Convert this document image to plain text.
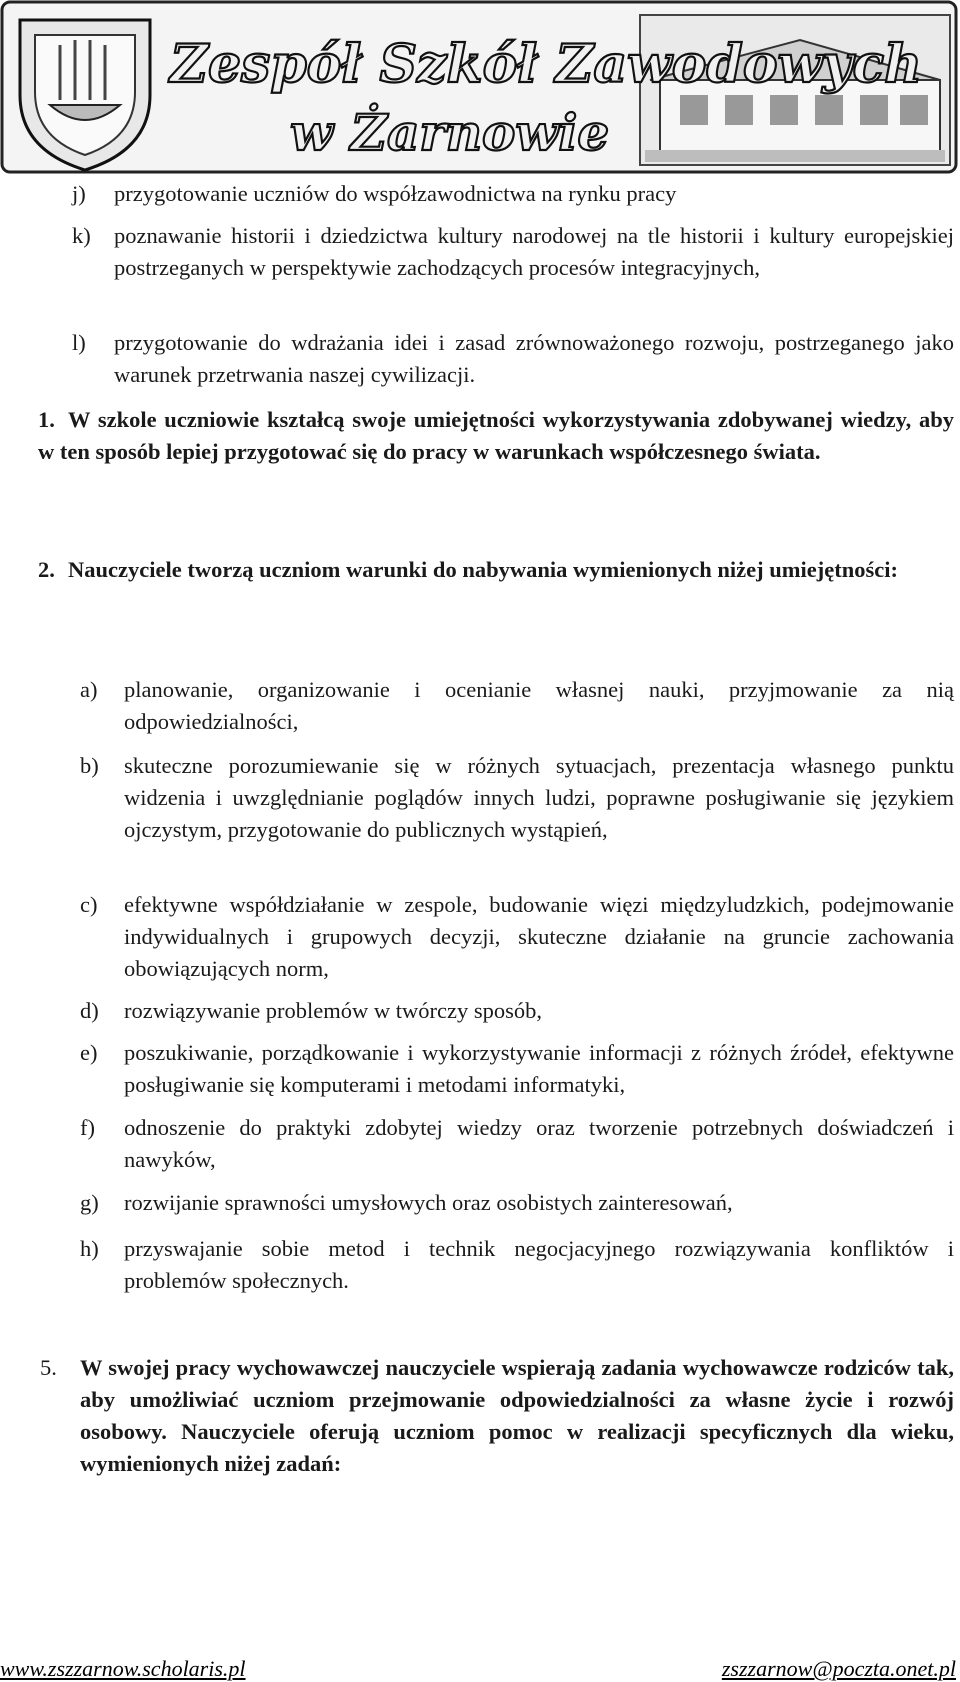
Zespół Szkół Zawodowych
w Żarnowie
j)	przygotowanie uczniów do współzawodnictwa na rynku pracy
k)	poznawanie historii i dziedzictwa kultury narodowej na tle historii i kultury europejskiej postrzeganych w perspektywie zachodzących procesów integracyjnych,
l)	przygotowanie do wdrażania idei i zasad zrównoważonego rozwoju, postrzeganego jako warunek przetrwania naszej cywilizacji.
1. W szkole uczniowie kształcą swoje umiejętności wykorzystywania zdobywanej wiedzy, aby w ten sposób lepiej przygotować się do pracy w warunkach współczesnego świata.
2. Nauczyciele tworzą uczniom warunki do nabywania wymienionych niżej umiejętności:
a)	planowanie, organizowanie i ocenianie własnej nauki, przyjmowanie za nią odpowiedzialności,
b)	skuteczne porozumiewanie się w różnych sytuacjach, prezentacja własnego punktu widzenia i uwzględnianie poglądów innych ludzi, poprawne posługiwanie się językiem ojczystym, przygotowanie do publicznych wystąpień,
c)	efektywne współdziałanie w zespole, budowanie więzi międzyludzkich, podejmowanie indywidualnych i grupowych decyzji, skuteczne działanie na gruncie zachowania obowiązujących norm,
d)	rozwiązywanie problemów w twórczy sposób,
e)	poszukiwanie, porządkowanie i wykorzystywanie informacji z różnych źródeł, efektywne posługiwanie się komputerami i metodami informatyki,
f)	odnoszenie do praktyki zdobytej wiedzy oraz tworzenie potrzebnych doświadczeń i nawyków,
g)	rozwijanie sprawności umysłowych oraz osobistych zainteresowań,
h)	przyswajanie sobie metod i technik negocjacyjnego rozwiązywania konfliktów i problemów społecznych.
5.	W swojej pracy wychowawczej nauczyciele wspierają zadania wychowawcze rodziców tak, aby umożliwiać uczniom przejmowanie odpowiedzialności za własne życie i rozwój osobowy. Nauczyciele oferują uczniom pomoc w realizacji specyficznych dla wieku, wymienionych niżej zadań:
www.zszzarnow.scholaris.pl	zszzarnow@poczta.onet.pl
